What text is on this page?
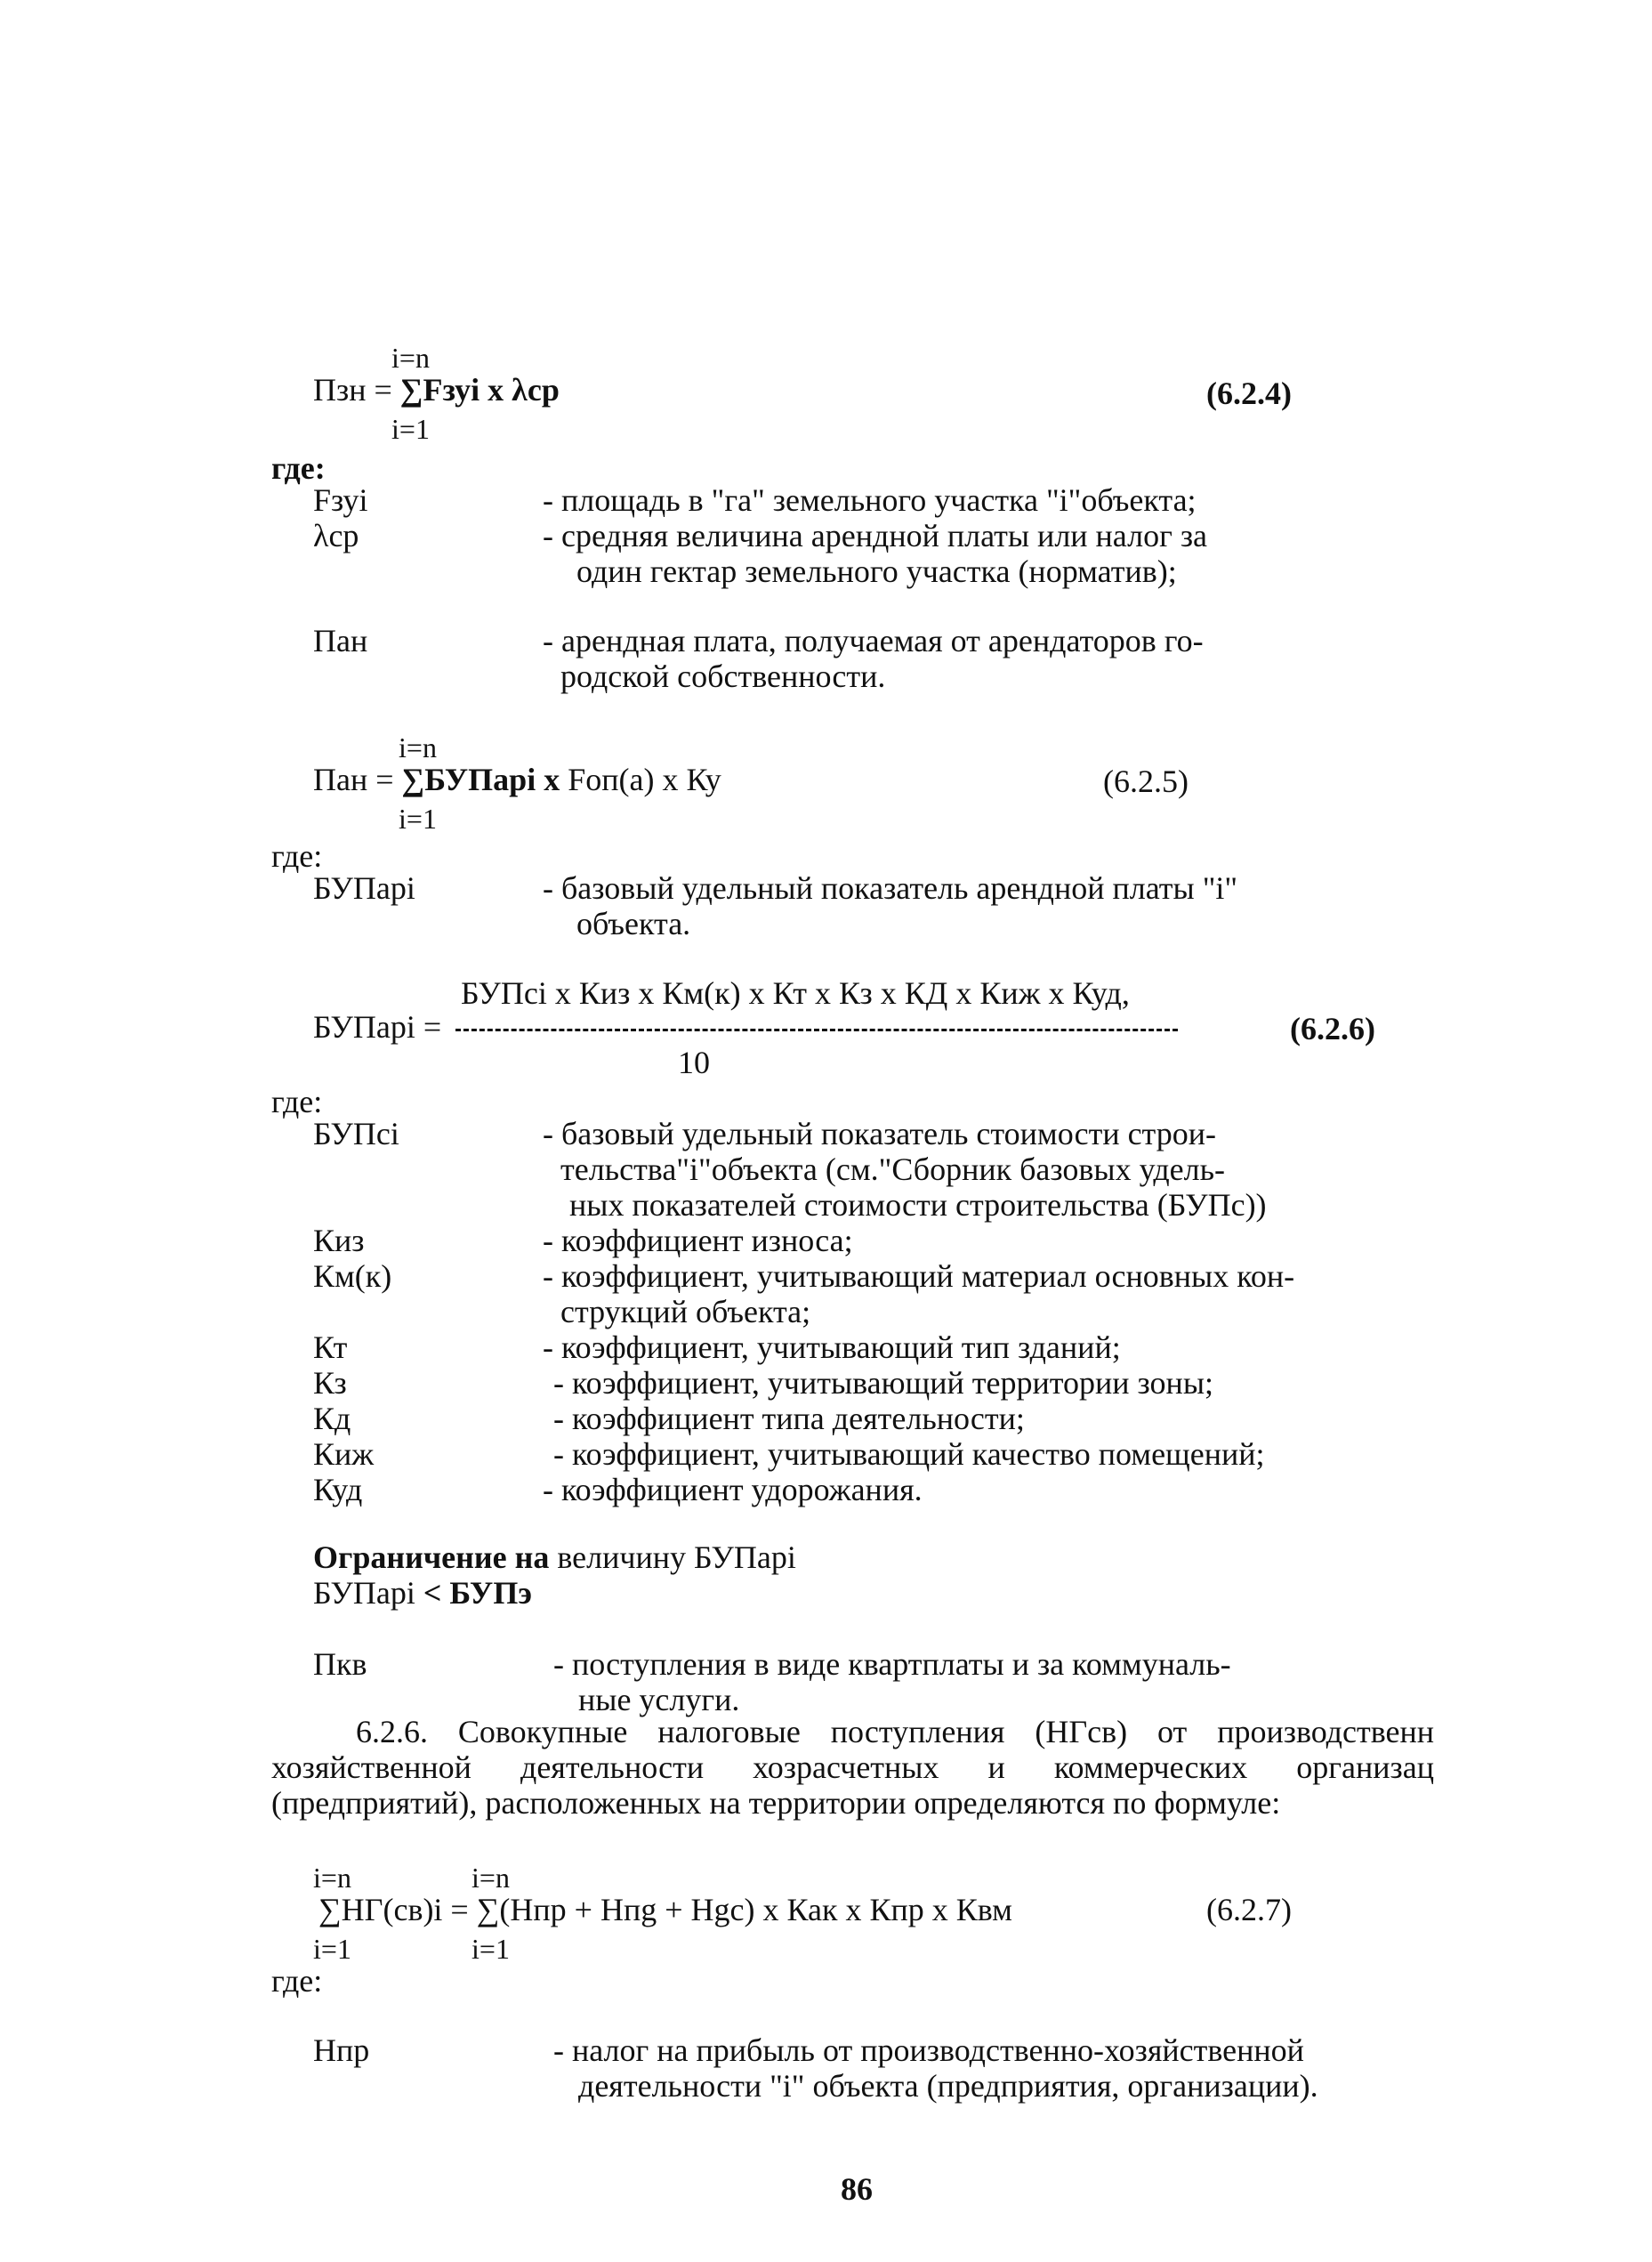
i=n
Пзн = ∑Fзуi x λср
i=1
(6.2.4)
где:
Fзуi	- площадь в "га" земельного участка "i"объекта;
λср	- средняя величина арендной платы или налог за
один гектар земельного участка (норматив);
Пан	- арендная плата, получаемая от арендаторов го-
родской собственности.
i=n
Пан = ∑БУПарi x Fоп(а) х Ку
i=1
(6.2.5)
где:
БУПарi	- базовый удельный показатель арендной платы "i"
объекта.
БУПсi х Киз х Км(к) х Кт х Кз x КД x Киж x Куд,
БУПарi =	(6.2.6)
10
где:
БУПсi	- базовый удельный показатель стоимости строи-
тельства"i"объекта (см."Сборник базовых удель-
ных показателей стоимости строительства (БУПс))
Киз	- коэффициент износа;
Км(к)	- коэффициент, учитывающий материал основных кон-
струкций объекта;
Кт	- коэффициент, учитывающий тип зданий;
Кз	- коэффициент, учитывающий территории зоны;
Кд	- коэффициент типа деятельности;
Киж	- коэффициент, учитывающий качество помещений;
Куд	- коэффициент удорожания.
Ограничение на величину БУПарi
БУПарi < БУПэ
Пкв	- поступления в виде квартплаты и за коммуналь-
ные услуги.
6.2.6. Совокупные налоговые поступления (НГсв) от производственн
хозяйственной деятельности хозрасчетных и коммерческих организац
(предприятий), расположенных на территории определяются по формуле:
i=n	i=n
∑НГ(св)i = ∑(Нпр + Нпg + Нgс) х Как х Кпр х Квм	(6.2.7)
i=1	i=1
где:
Нпр	- налог на прибыль от производственно-хозяйственной
деятельности "i" объекта (предприятия, организации).
86
